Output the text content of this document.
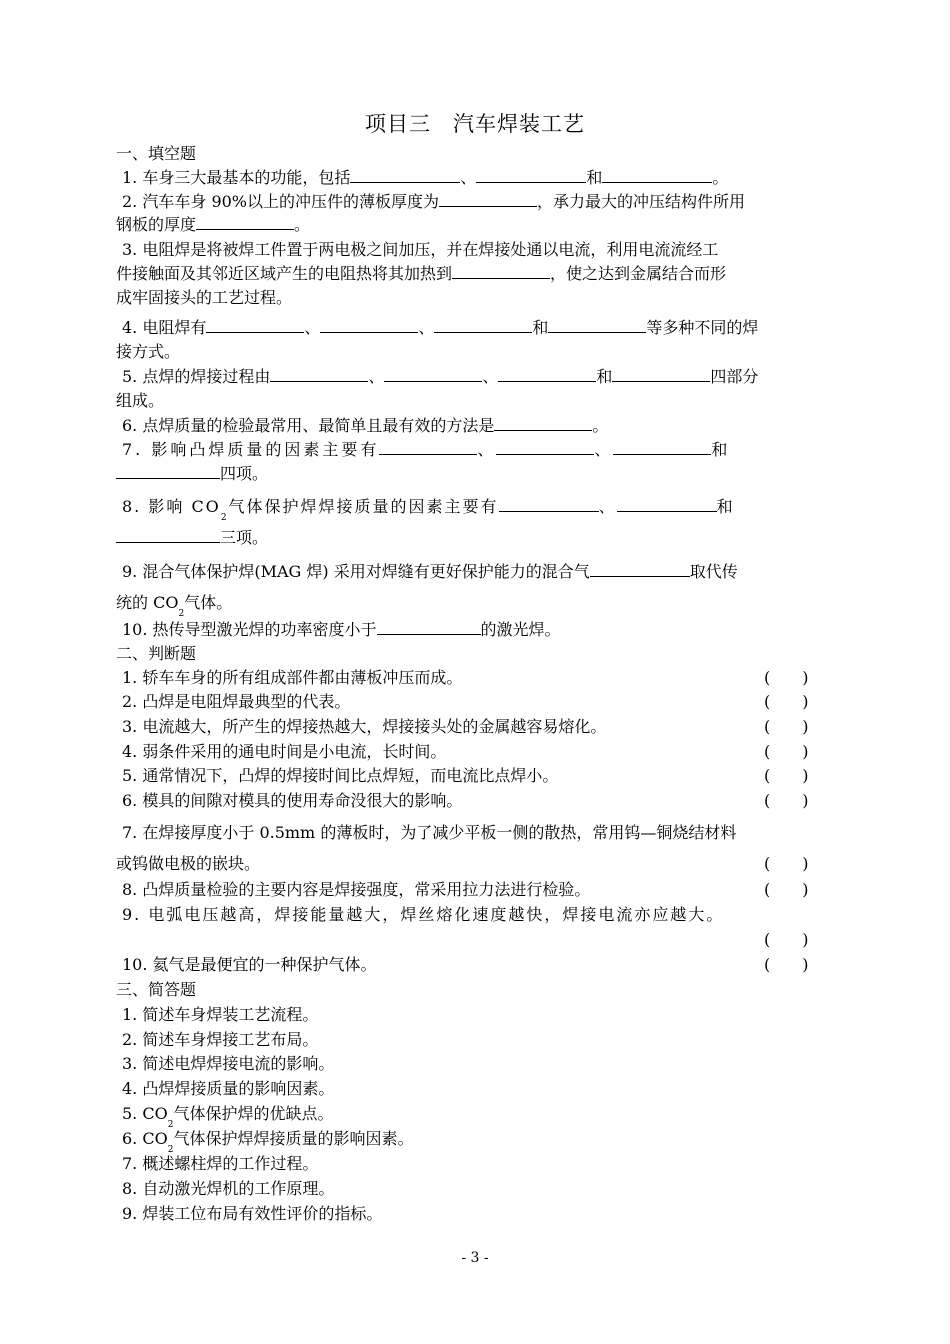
项目三　汽车焊装工艺
一、填空题
1. 车身三大最基本的功能，包括	、	和	。
2. 汽车车身 90%以上的冲压件的薄板厚度为	，承力最大的冲压结构件所用
钢板的厚度	。
3. 电阻焊是将被焊工件置于两电极之间加压，并在焊接处通以电流，利用电流流经工
件接触面及其邻近区域产生的电阻热将其加热到	，使之达到金属结合而形
成牢固接头的工艺过程。
4. 电阻焊有	、	、	和	等多种不同的焊
接方式。
5. 点焊的焊接过程由	、	、	和	四部分
组成。
6. 点焊质量的检验最常用、最简单且最有效的方法是	。
7. 影响凸焊质量的因素主要有	、	、	和
四项。
8. 影响 $CO_2$气体保护焊焊接质量的因素主要有	、	和
三项。
9. 混合气体保护焊(MAG 焊) 采用对焊缝有更好保护能力的混合气	取代传
统的 $CO_2$气体。
10. 热传导型激光焊的功率密度小于	的激光焊。
二、判断题
1. 轿车车身的所有组成部件都由薄板冲压而成。	(　　)
2. 凸焊是电阻焊最典型的代表。	(　　)
3. 电流越大，所产生的焊接热越大，焊接接头处的金属越容易熔化。	(　　)
4. 弱条件采用的通电时间是小电流，长时间。	(　　)
5. 通常情况下，凸焊的焊接时间比点焊短，而电流比点焊小。	(　　)
6. 模具的间隙对模具的使用寿命没很大的影响。	(　　)
7. 在焊接厚度小于 0.5mm 的薄板时，为了减少平板一侧的散热，常用钨—铜烧结材料
或钨做电极的嵌块。	(　　)
8. 凸焊质量检验的主要内容是焊接强度，常采用拉力法进行检验。	(　　)
9. 电弧电压越高，焊接能量越大，焊丝熔化速度越快，焊接电流亦应越大。
(　　)
10. 氦气是最便宜的一种保护气体。	(　　)
三、简答题
1. 简述车身焊装工艺流程。
2. 简述车身焊接工艺布局。
3. 简述电焊焊接电流的影响。
4. 凸焊焊接质量的影响因素。
5. $CO_2$气体保护焊的优缺点。
6. $CO_2$气体保护焊焊接质量的影响因素。
7. 概述螺柱焊的工作过程。
8. 自动激光焊机的工作原理。
9. 焊装工位布局有效性评价的指标。
- 3 -
